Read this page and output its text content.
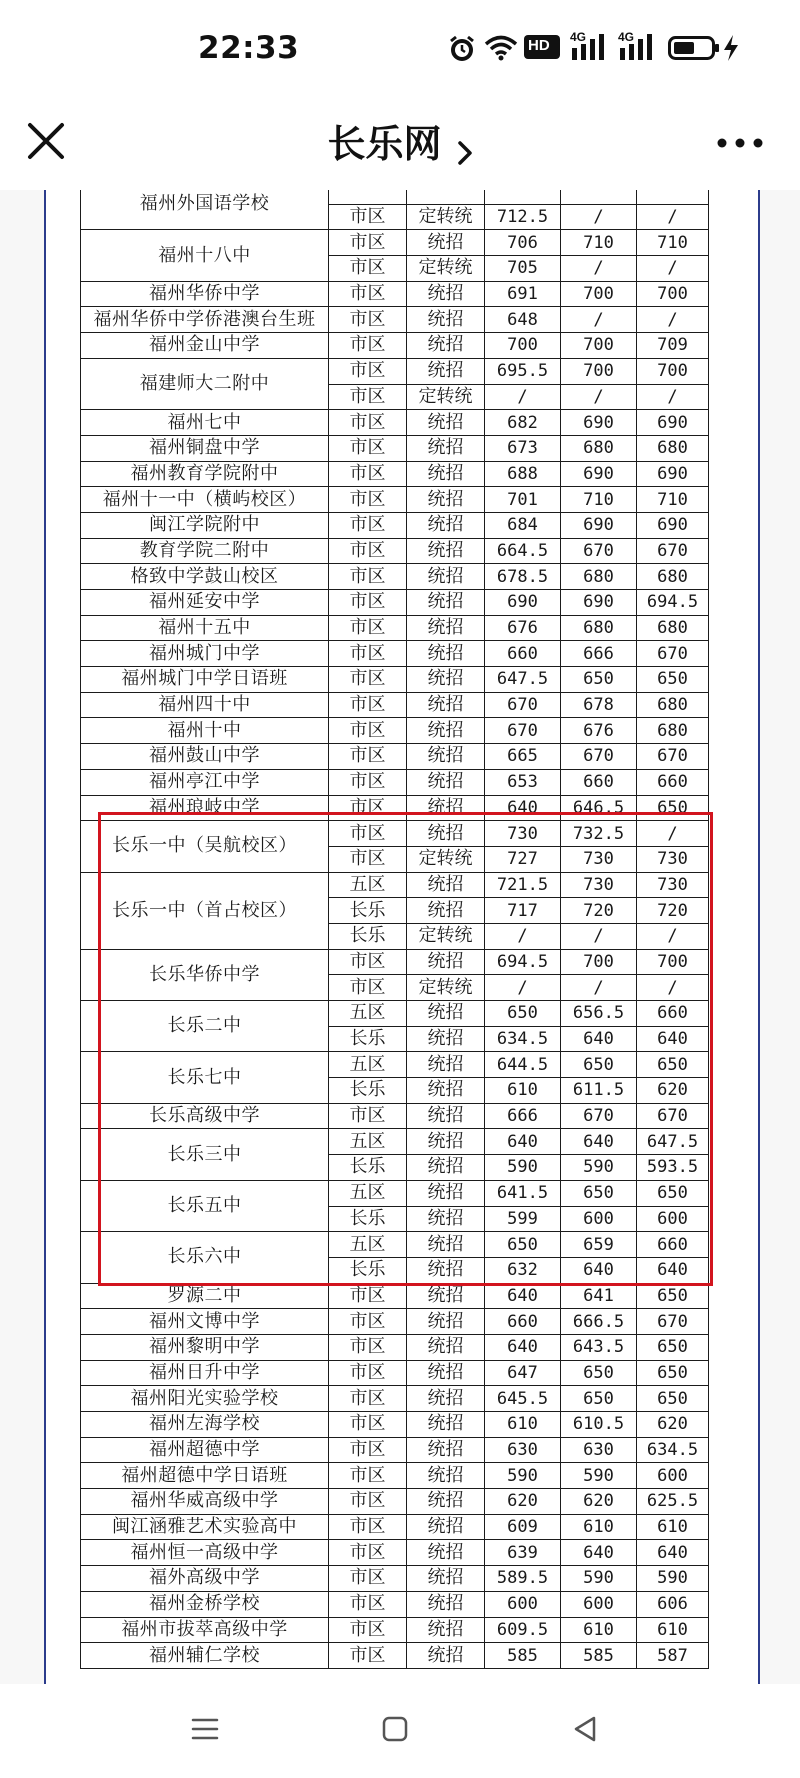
22:33	HD 4G	4G
长乐网
福州外国语学校					
	市区	定转统	712.5	/	/
福州十八中	市区	统招	706	710	710
	市区	定转统	705	/	/
福州华侨中学	市区	统招	691	700	700
福州华侨中学侨港澳台生班	市区	统招	648	/	/
福州金山中学	市区	统招	700	700	709
福建师大二附中	市区	统招	695.5	700	700
	市区	定转统	/	/	/
福州七中	市区	统招	682	690	690
福州铜盘中学	市区	统招	673	680	680
福州教育学院附中	市区	统招	688	690	690
福州十一中（横屿校区）	市区	统招	701	710	710
闽江学院附中	市区	统招	684	690	690
教育学院二附中	市区	统招	664.5	670	670
格致中学鼓山校区	市区	统招	678.5	680	680
福州延安中学	市区	统招	690	690	694.5
福州十五中	市区	统招	676	680	680
福州城门中学	市区	统招	660	666	670
福州城门中学日语班	市区	统招	647.5	650	650
福州四十中	市区	统招	670	678	680
福州十中	市区	统招	670	676	680
福州鼓山中学	市区	统招	665	670	670
福州亭江中学	市区	统招	653	660	660
福州琅岐中学	市区	统招	640	646.5	650
长乐一中（吴航校区）	市区	统招	730	732.5	/
	市区	定转统	727	730	730
长乐一中（首占校区）	五区	统招	721.5	730	730
	长乐	统招	717	720	720
	长乐	定转统	/	/	/
长乐华侨中学	市区	统招	694.5	700	700
	市区	定转统	/	/	/
长乐二中	五区	统招	650	656.5	660
	长乐	统招	634.5	640	640
长乐七中	五区	统招	644.5	650	650
	长乐	统招	610	611.5	620
长乐高级中学	市区	统招	666	670	670
长乐三中	五区	统招	640	640	647.5
	长乐	统招	590	590	593.5
长乐五中	五区	统招	641.5	650	650
	长乐	统招	599	600	600
长乐六中	五区	统招	650	659	660
	长乐	统招	632	640	640
罗源二中	市区	统招	640	641	650
福州文博中学	市区	统招	660	666.5	670
福州黎明中学	市区	统招	640	643.5	650
福州日升中学	市区	统招	647	650	650
福州阳光实验学校	市区	统招	645.5	650	650
福州左海学校	市区	统招	610	610.5	620
福州超德中学	市区	统招	630	630	634.5
福州超德中学日语班	市区	统招	590	590	600
福州华威高级中学	市区	统招	620	620	625.5
闽江涵雅艺术实验高中	市区	统招	609	610	610
福州恒一高级中学	市区	统招	639	640	640
福外高级中学	市区	统招	589.5	590	590
福州金桥学校	市区	统招	600	600	606
福州市拔萃高级中学	市区	统招	609.5	610	610
福州辅仁学校	市区	统招	585	585	587
